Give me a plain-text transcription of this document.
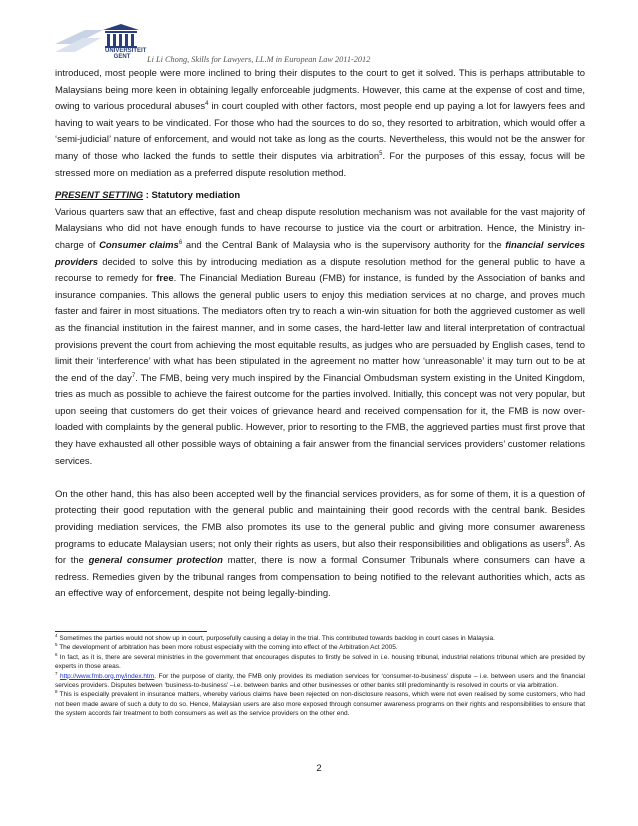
UNIVERSITEIT
GENT	Li Li Chong, Skills for Lawyers, LL.M in European Law 2011-2012

introduced, most people were more inclined to bring their disputes to the court to get it solved. This is perhaps attributable to Malaysians being more keen in obtaining legally enforceable judgments. However, this came at the expense of cost and time, owing to various procedural abuses$^4$ in court coupled with other factors, most people end up paying a lot for lawyers fees and having to wait years to be vindicated. For those who had the sources to do so, they resorted to arbitration, which would offer a ‘semi-judicial’ nature of enforcement, and would not take as long as the courts. Nevertheless, this would not be the answer for many of those who lacked the funds to settle their disputes via arbitration$^5$. For the purposes of this essay, focus will be stressed more on mediation as a preferred dispute resolution method.

PRESENT SETTING : Statutory mediation

Various quarters saw that an effective, fast and cheap dispute resolution mechanism was not available for the vast majority of Malaysians who did not have enough funds to have recourse to justice via the court or arbitration. Hence, the Ministry in-charge of Consumer claims$^6$ and the Central Bank of Malaysia who is the supervisory authority for the financial services providers decided to solve this by introducing mediation as a dispute resolution method for the general public to have a recourse to remedy for free. The Financial Mediation Bureau (FMB) for instance, is funded by the Association of banks and insurance companies. This allows the general public users to enjoy this mediation services at no charge, and proves much faster and fairer in most situations. The mediators often try to reach a win-win situation for both the aggrieved customer as well as the financial institution in the fairest manner, and in some cases, the hard-letter law and literal interpretation of contractual provisions prevent the court from achieving the most equitable results, as judges who are persuaded by English cases, tend to limit their ‘interference’ with what has been stipulated in the agreement no matter how ‘unreasonable’ it may turn out to be at the end of the day$^7$. The FMB, being very much inspired by the Financial Ombudsman system existing in the United Kingdom, tries as much as possible to achieve the fairest outcome for the parties involved. Initially, this concept was not very popular, but upon seeing that customers do get their voices of grievance heard and received compensation for it, the FMB is now over-loaded with complaints by the general public. However, prior to resorting to the FMB, the aggrieved parties must first prove that they have exhausted all other possible ways of obtaining a fair answer from the financial services providers’ customer relations services.

On the other hand, this has also been accepted well by the financial services providers, as for some of them, it is a question of protecting their good reputation with the general public and maintaining their good records with the central bank. Besides providing mediation services, the FMB also promotes its use to the general public and giving more consumer awareness programs to educate Malaysian users; not only their rights as users, but also their responsibilities and obligations as users$^8$. As for the general consumer protection matter, there is now a formal Consumer Tribunals where consumers can have a redress. Remedies given by the tribunal ranges from compensation to being notified to the relevant authorities which, acts as an effective way of enforcement, despite not being legally-binding.

$^4$ Sometimes the parties would not show up in court, purposefully causing a delay in the trial. This contributed towards backlog in court cases in Malaysia.

$^5$ The development of arbitration has been more robust especially with the coming into effect of the Arbitration Act 2005.

$^6$ In fact, as it is, there are several ministries in the government that encourages disputes to firstly be solved in i.e. housing tribunal, industrial relations tribunal which are presided by experts in those areas.

$^7$ http://www.fmb.org.my/index.htm. For the purpose of clarity, the FMB only provides its mediation services for ‘consumer-to-business’ dispute – i.e. between users and the financial services providers. Disputes between ‘business-to-business’ –i.e. between banks and other businesses or other banks still predominantly is resolved in courts or via arbitration.

$^8$ This is especially prevalent in insurance matters, whereby various claims have been rejected on non-disclosure reasons, which were not even realised by some customers, who had not been made aware of such a duty to do so. Hence, Malaysian users are also more exposed through consumer awareness programs on their rights and responsibilities to ensure that the system accords fair treatment to both consumers as well as the service providers on the other end.

2
